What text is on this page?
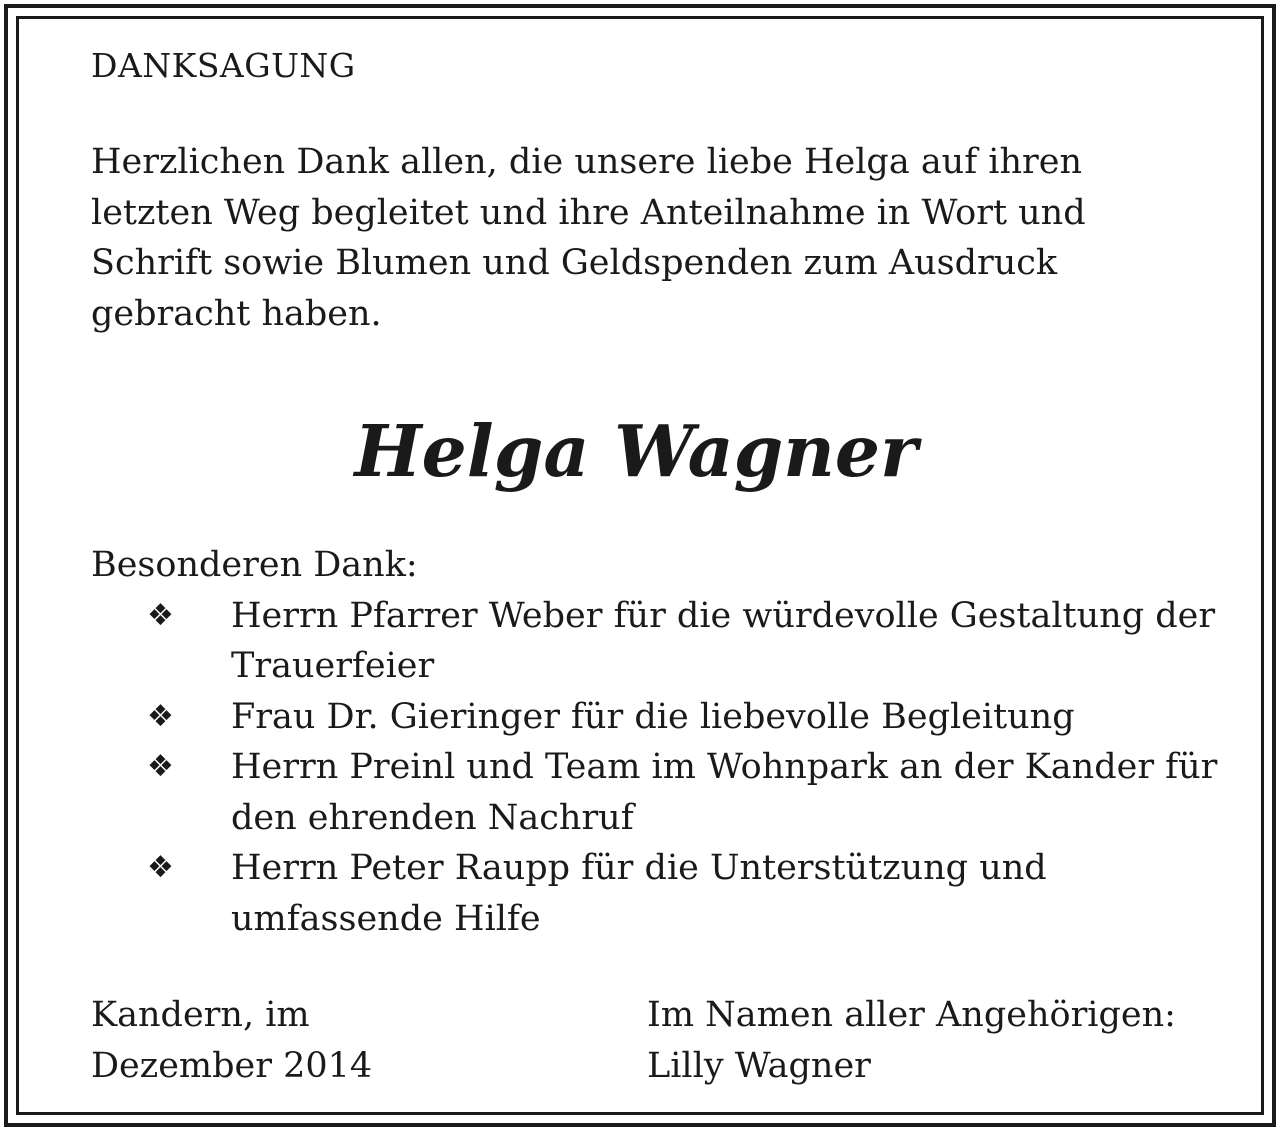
DANKSAGUNG

Herzlichen Dank allen, die unsere liebe Helga auf ihren letzten Weg begleitet und ihre Anteilnahme in Wort und Schrift sowie Blumen und Geldspenden zum Ausdruck gebracht haben.

Helga Wagner
Besonderen Dank:
❖ Herrn Pfarrer Weber für die würdevolle Gestaltung der Trauerfeier
❖ Frau Dr. Gieringer für die liebevolle Begleitung
❖ Herrn Preinl und Team im Wohnpark an der Kander für den ehrenden Nachruf
❖ Herrn Peter Raupp für die Unterstützung und umfassende Hilfe
Kandern, im
Dezember 2014
Im Namen aller Angehörigen:
Lilly Wagner
